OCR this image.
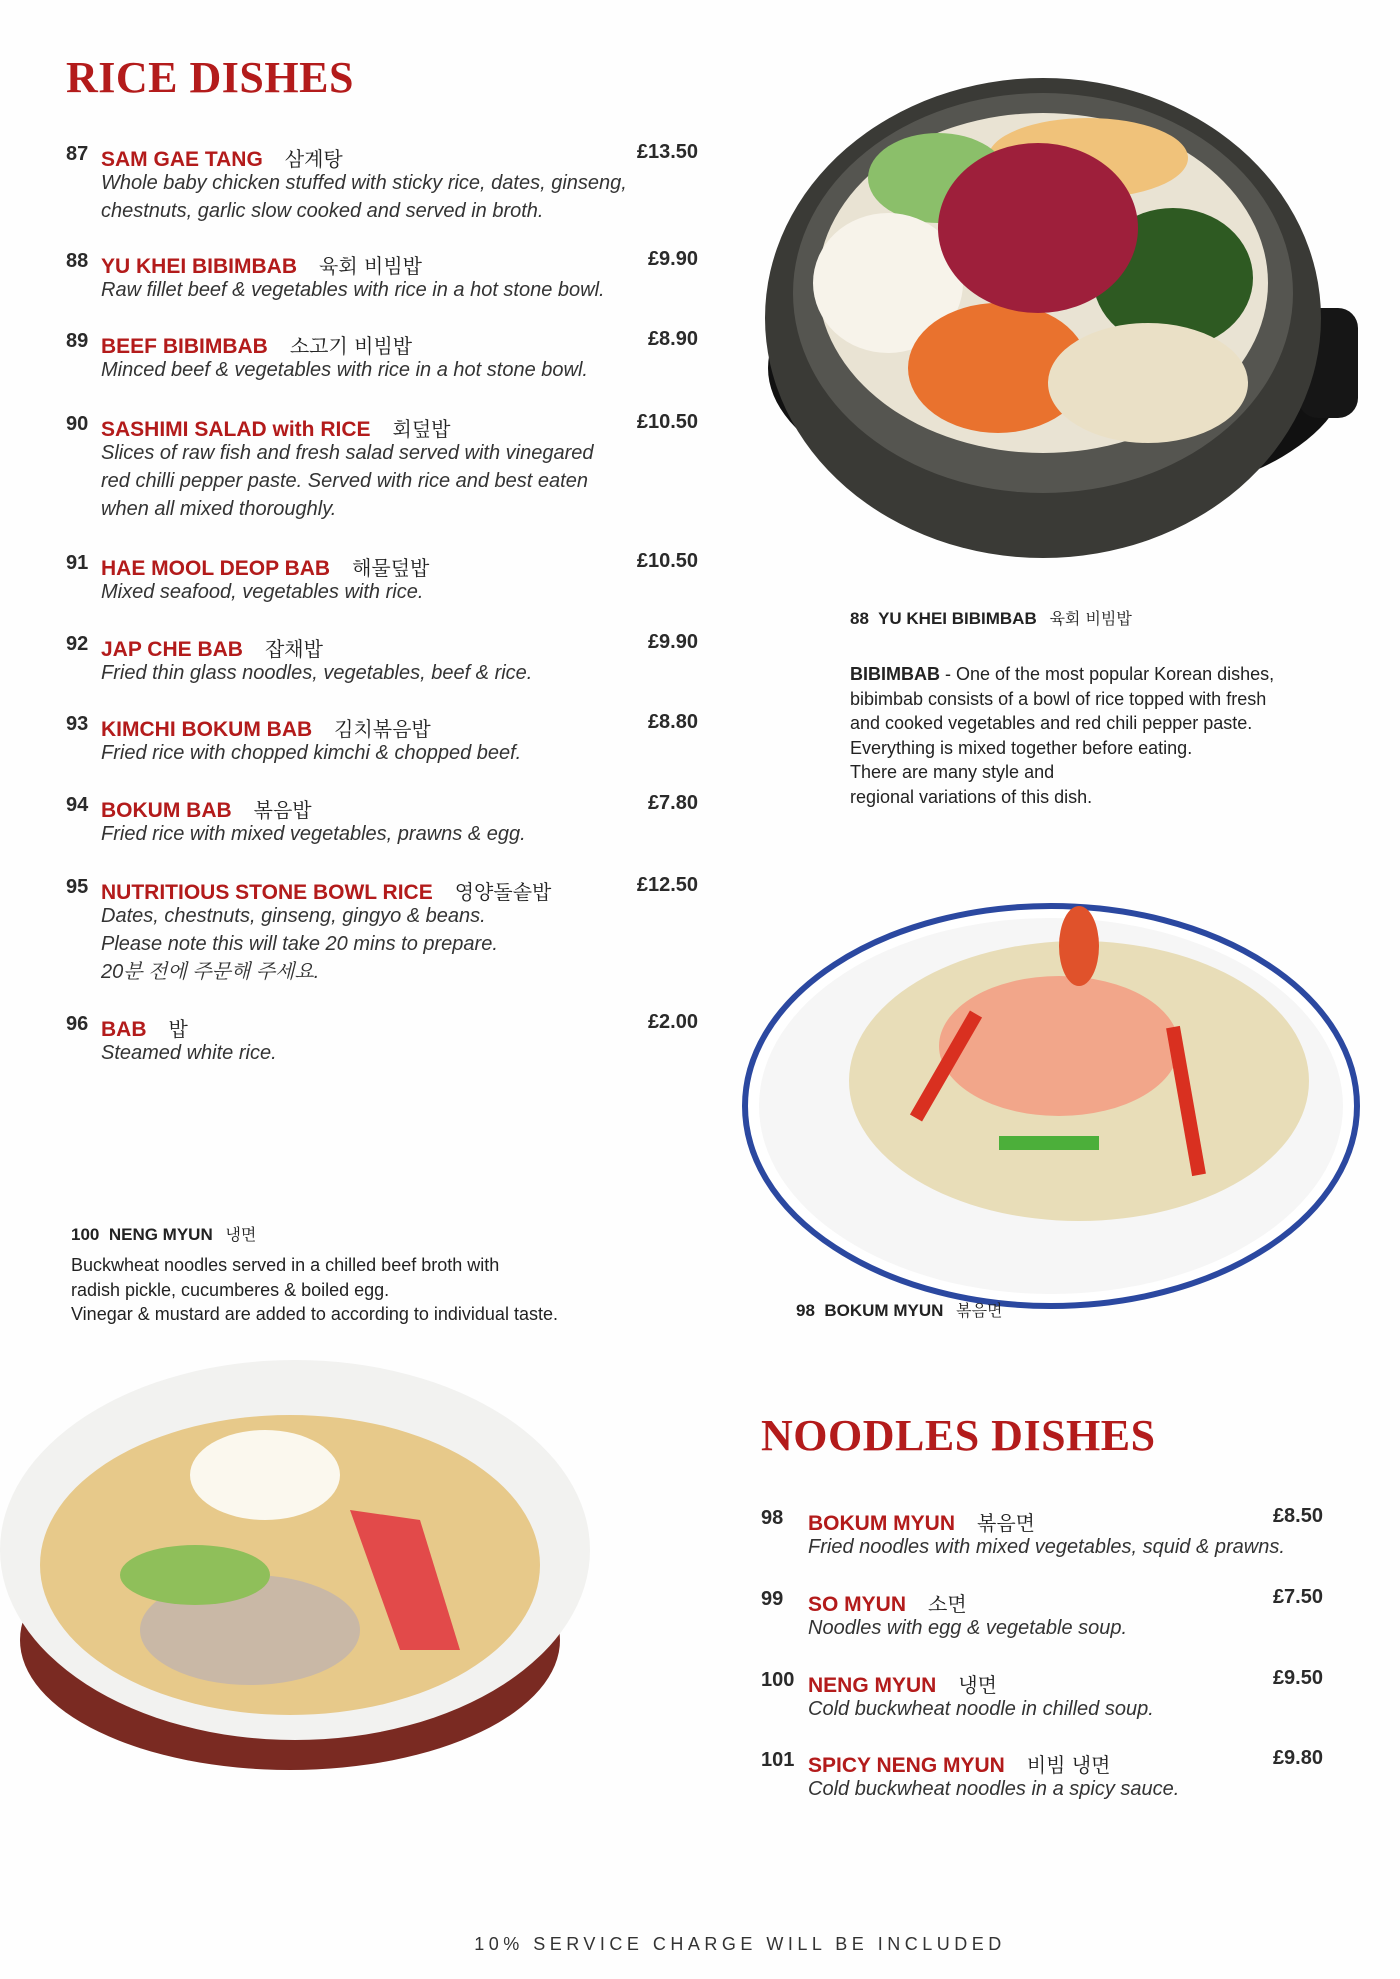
RICE DISHES
87 SAM GAE TANG 삼계탕	£13.50
Whole baby chicken stuffed with sticky rice, dates, ginseng,
chestnuts, garlic slow cooked and served in broth.
88 YU KHEI BIBIMBAB 육회 비빔밥	£9.90
Raw fillet beef & vegetables with rice in a hot stone bowl.
89 BEEF BIBIMBAB 소고기 비빔밥	£8.90
Minced beef & vegetables with rice in a hot stone bowl.
90 SASHIMI SALAD with RICE 회덮밥	£10.50
Slices of raw fish and fresh salad served with vinegared
red chilli pepper paste. Served with rice and best eaten
when all mixed thoroughly.
91 HAE MOOL DEOP BAB 해물덮밥	£10.50
Mixed seafood, vegetables with rice.
92 JAP CHE BAB 잡채밥	£9.90
Fried thin glass noodles, vegetables, beef & rice.
93 KIMCHI BOKUM BAB 김치볶음밥	£8.80
Fried rice with chopped kimchi & chopped beef.
94 BOKUM BAB 볶음밥	£7.80
Fried rice with mixed vegetables, prawns & egg.
95 NUTRITIOUS STONE BOWL RICE 영양돌솥밥	£12.50
Dates, chestnuts, ginseng, gingyo & beans.
Please note this will take 20 mins to prepare.
20분 전에 주문해 주세요.
96 BAB 밥	£2.00
Steamed white rice.
88 YU KHEI BIBIMBAB 육회 비빔밥
BIBIMBAB - One of the most popular Korean dishes,
bibimbab consists of a bowl of rice topped with fresh
and cooked vegetables and red chili pepper paste.
Everything is mixed together before eating.
There are many style and
regional variations of this dish.
98 BOKUM MYUN 볶음면
100 NENG MYUN 냉면
Buckwheat noodles served in a chilled beef broth with
radish pickle, cucumberes & boiled egg.
Vinegar & mustard are added to according to individual taste.
NOODLES DISHES
98 BOKUM MYUN 볶음면	£8.50
Fried noodles with mixed vegetables, squid & prawns.
99 SO MYUN 소면	£7.50
Noodles with egg & vegetable soup.
100 NENG MYUN 냉면	£9.50
Cold buckwheat noodle in chilled soup.
101 SPICY NENG MYUN 비빔 냉면	£9.80
Cold buckwheat noodles in a spicy sauce.
10% SERVICE CHARGE WILL BE INCLUDED
